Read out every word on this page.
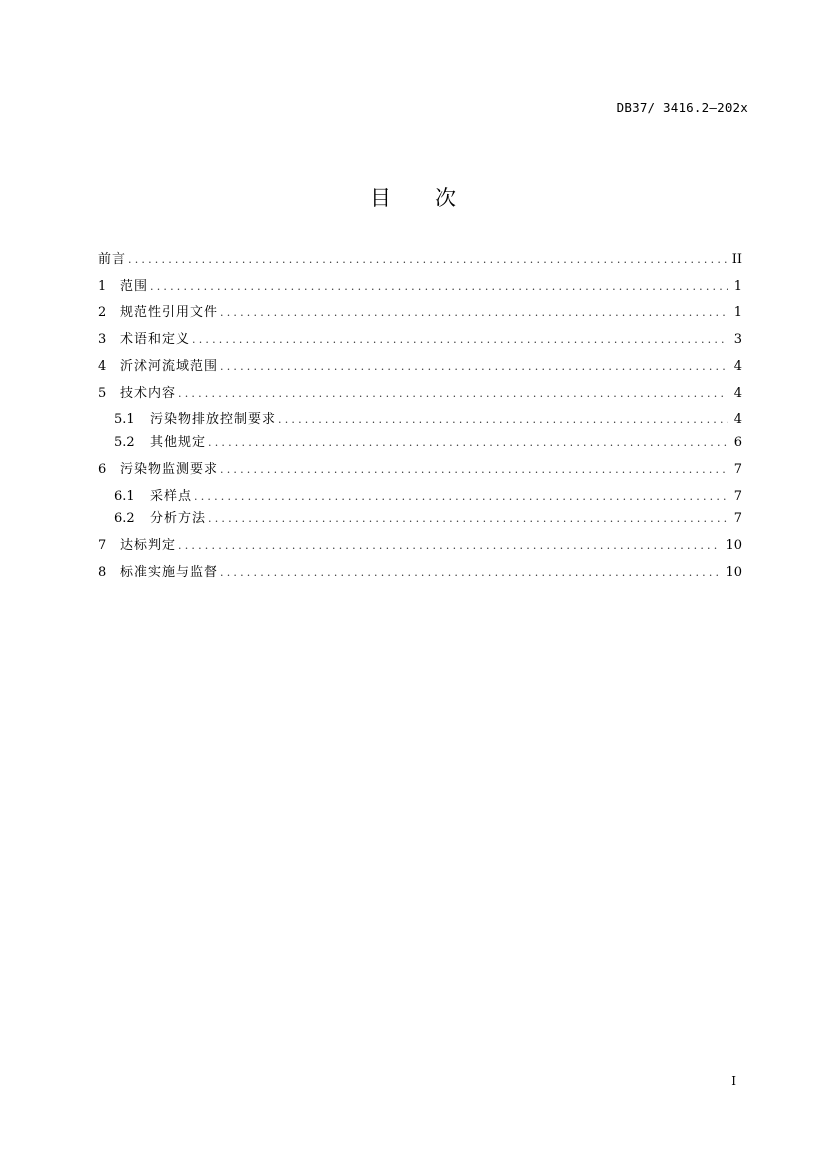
DB37/ 3416.2—202x
目 次
前言 .....	II
1	范围 .....	1
2	规范性引用文件 .....	1
3	术语和定义 .....	3
4	沂沭河流域范围 .....	4
5	技术内容 .....	4
5.1	污染物排放控制要求 .....	4
5.2	其他规定 .....	6
6	污染物监测要求 .....	7
6.1	采样点 .....	7
6.2	分析方法 .....	7
7	达标判定 .....	10
8	标准实施与监督 .....	10
I
